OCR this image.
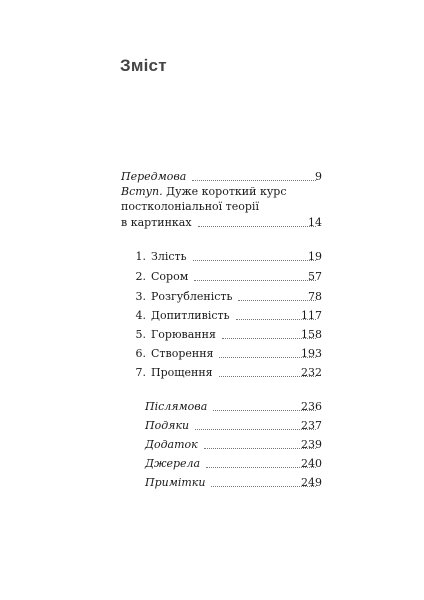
Зміст
Передмова	9
Вступ. Дуже короткий курс
постколоніальної теорії
в картинках	14
1. Злість	19
2. Сором	57
3. Розгубленість	78
4. Допитливість	117
5. Горювання	158
6. Створення	193
7. Прощення	232
Післямова	236
Подяки	237
Додаток	239
Джерела	240
Примітки	249
